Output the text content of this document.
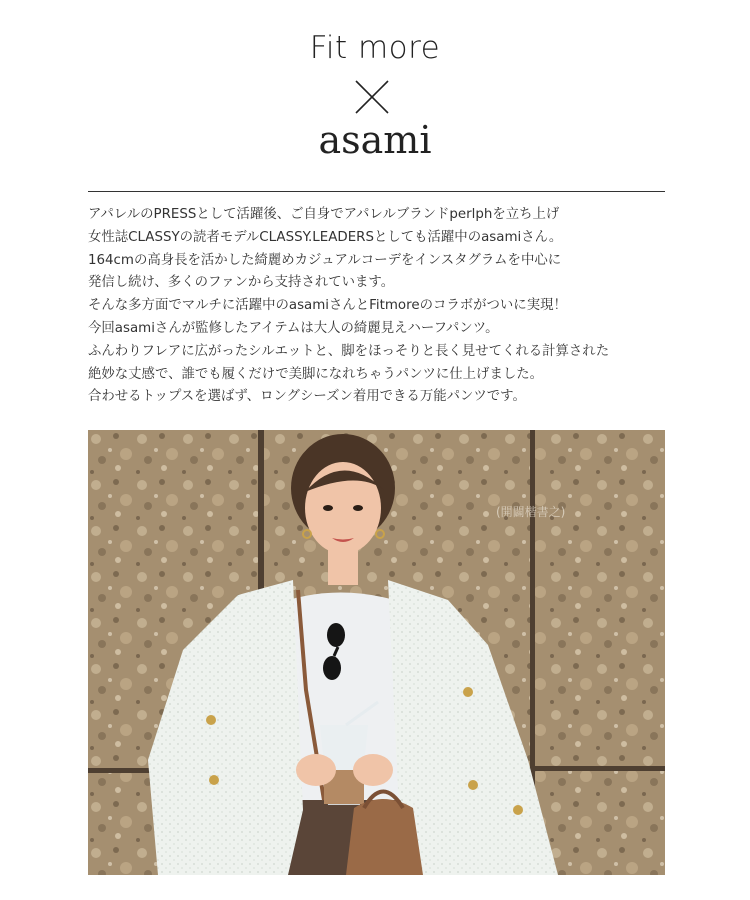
Fit more
asami
アパレルのPRESSとして活躍後、ご自身でアパレルブランドperlphを立ち上げ
女性誌CLASSYの読者モデルCLASSY.LEADERSとしても活躍中のasamiさん。
164cmの高身長を活かした綺麗めカジュアルコーデをインスタグラムを中心に
発信し続け、多くのファンから支持されています。
そんな多方面でマルチに活躍中のasamiさんとFitmoreのコラボがついに実現！
今回asamiさんが監修したアイテムは大人の綺麗見えハーフパンツ。
ふんわりフレアに広がったシルエットと、脚をほっそりと長く見せてくれる計算された
絶妙な丈感で、誰でも履くだけで美脚になれちゃうパンツに仕上げました。
合わせるトップスを選ばず、ロングシーズン着用できる万能パンツです。
(開闢楷書之)
